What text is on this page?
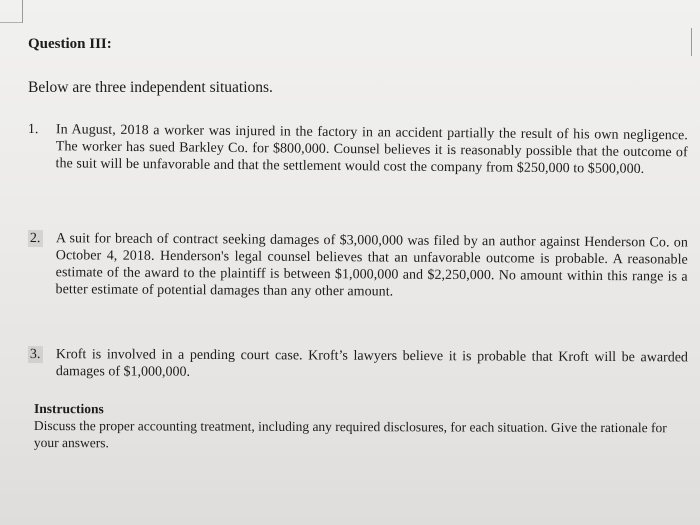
Question III:
Below are three independent situations.
1.	In August, 2018 a worker was injured in the factory in an accident partially the result of his own negligence. The worker has sued Barkley Co. for $800,000. Counsel believes it is reasonably possible that the outcome of the suit will be unfavorable and that the settlement would cost the company from $250,000 to $500,000.
2.	A suit for breach of contract seeking damages of $3,000,000 was filed by an author against Henderson Co. on October 4, 2018. Henderson's legal counsel believes that an unfavorable outcome is probable. A reasonable estimate of the award to the plaintiff is between $1,000,000 and $2,250,000. No amount within this range is a better estimate of potential damages than any other amount.
3.	Kroft is involved in a pending court case. Kroft’s lawyers believe it is probable that Kroft will be awarded damages of $1,000,000.
Instructions
Discuss the proper accounting treatment, including any required disclosures, for each situation. Give the rationale for your answers.
